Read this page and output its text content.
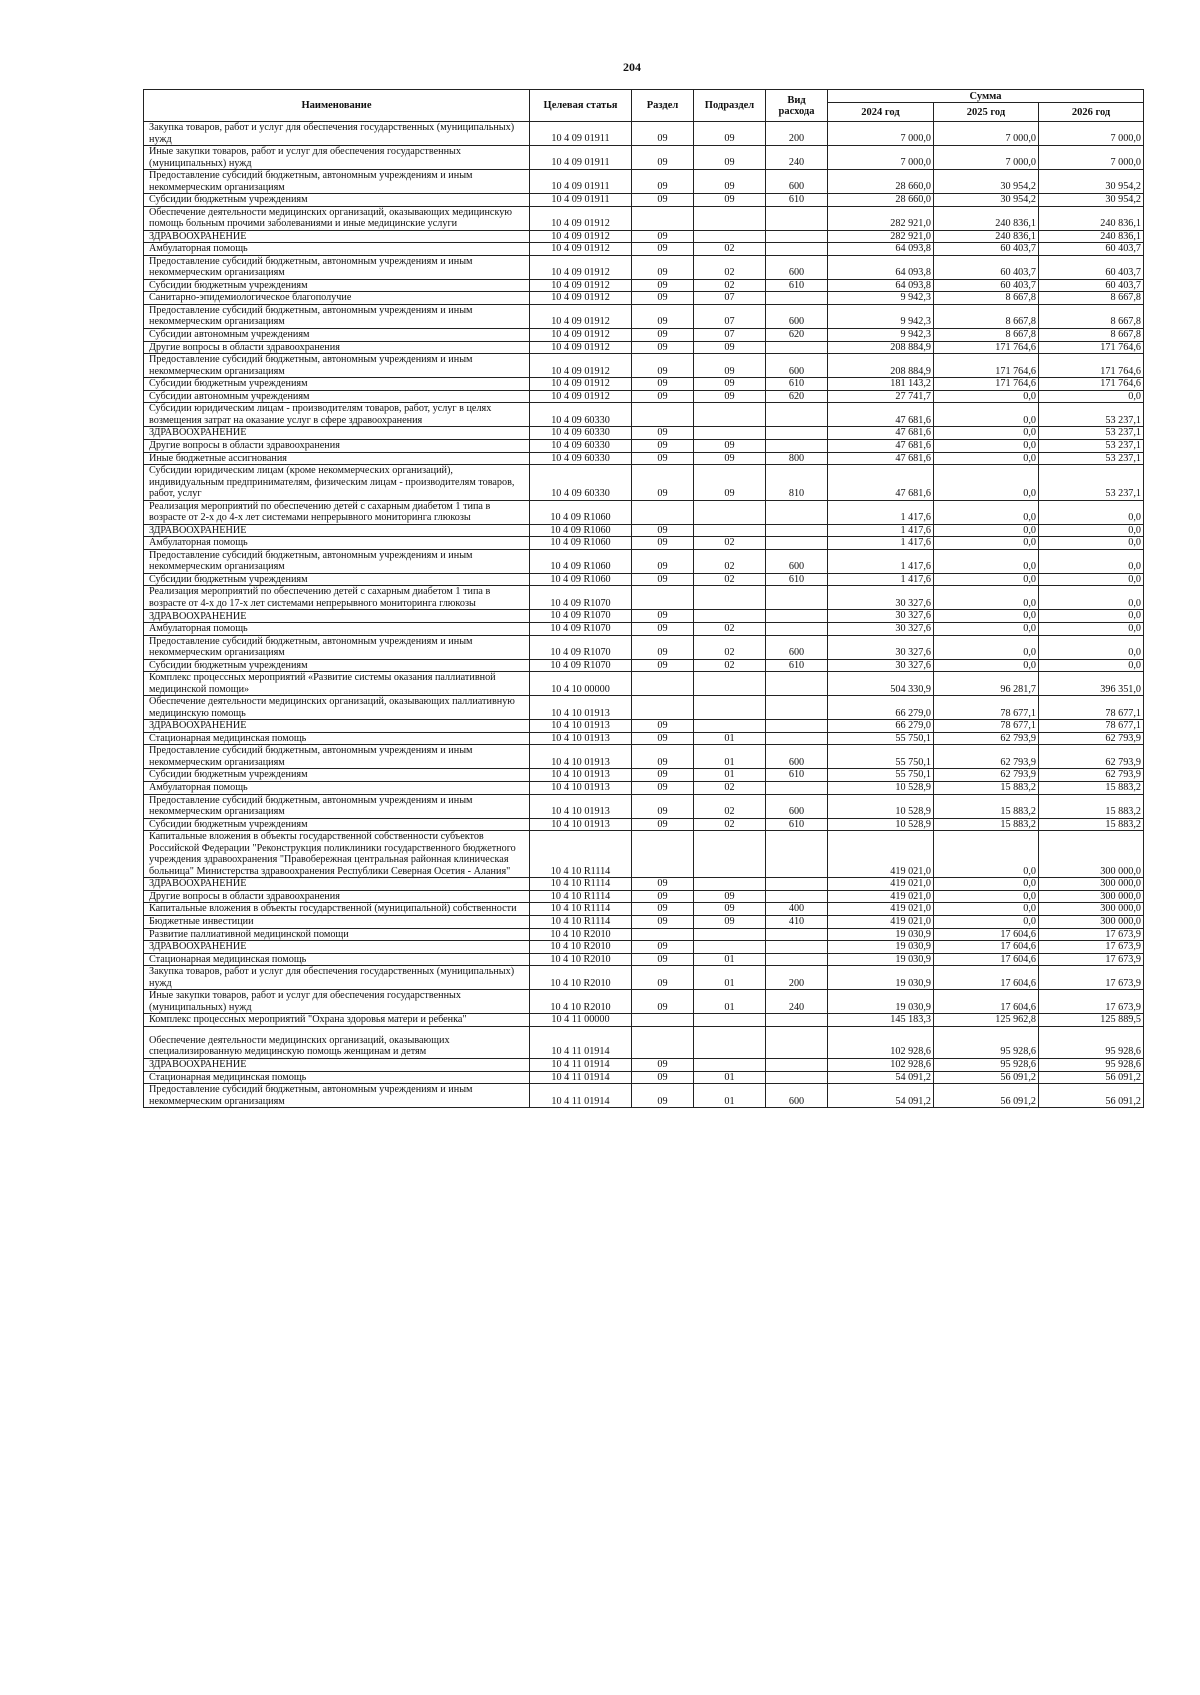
204
Наименование	Целевая статья	Раздел	Подраздел	Вид расхода	Сумма		
					2024 год	2025 год	2026 год
Закупка товаров, работ и услуг для обеспечения государственных (муниципальных) нужд	10 4 09 01911	09	09	200	7 000,0	7 000,0	7 000,0
Иные закупки товаров, работ и услуг для обеспечения государственных (муниципальных) нужд	10 4 09 01911	09	09	240	7 000,0	7 000,0	7 000,0
Предоставление субсидий бюджетным, автономным учреждениям и иным некоммерческим организациям	10 4 09 01911	09	09	600	28 660,0	30 954,2	30 954,2
Субсидии бюджетным учреждениям	10 4 09 01911	09	09	610	28 660,0	30 954,2	30 954,2
Обеспечение деятельности медицинских организаций, оказывающих медицинскую помощь больным прочими заболеваниями и иные медицинские услуги	10 4 09 01912				282 921,0	240 836,1	240 836,1
ЗДРАВООХРАНЕНИЕ	10 4 09 01912	09			282 921,0	240 836,1	240 836,1
Амбулаторная помощь	10 4 09 01912	09	02		64 093,8	60 403,7	60 403,7
Предоставление субсидий бюджетным, автономным учреждениям и иным некоммерческим организациям	10 4 09 01912	09	02	600	64 093,8	60 403,7	60 403,7
Субсидии бюджетным учреждениям	10 4 09 01912	09	02	610	64 093,8	60 403,7	60 403,7
Санитарно-эпидемиологическое благополучие	10 4 09 01912	09	07		9 942,3	8 667,8	8 667,8
Предоставление субсидий бюджетным, автономным учреждениям и иным некоммерческим организациям	10 4 09 01912	09	07	600	9 942,3	8 667,8	8 667,8
Субсидии автономным учреждениям	10 4 09 01912	09	07	620	9 942,3	8 667,8	8 667,8
Другие вопросы в области здравоохранения	10 4 09 01912	09	09		208 884,9	171 764,6	171 764,6
Предоставление субсидий бюджетным, автономным учреждениям и иным некоммерческим организациям	10 4 09 01912	09	09	600	208 884,9	171 764,6	171 764,6
Субсидии бюджетным учреждениям	10 4 09 01912	09	09	610	181 143,2	171 764,6	171 764,6
Субсидии автономным учреждениям	10 4 09 01912	09	09	620	27 741,7	0,0	0,0
Субсидии юридическим лицам - производителям товаров, работ, услуг в целях возмещения затрат на оказание услуг в сфере здравоохранения	10 4 09 60330				47 681,6	0,0	53 237,1
ЗДРАВООХРАНЕНИЕ	10 4 09 60330	09			47 681,6	0,0	53 237,1
Другие вопросы в области здравоохранения	10 4 09 60330	09	09		47 681,6	0,0	53 237,1
Иные бюджетные ассигнования	10 4 09 60330	09	09	800	47 681,6	0,0	53 237,1
Субсидии юридическим лицам (кроме некоммерческих организаций), индивидуальным предпринимателям, физическим лицам - производителям товаров, работ, услуг	10 4 09 60330	09	09	810	47 681,6	0,0	53 237,1
Реализация мероприятий по обеспечению детей с сахарным диабетом 1 типа в возрасте от 2-х до 4-х лет системами непрерывного мониторинга глюкозы	10 4 09 R1060				1 417,6	0,0	0,0
ЗДРАВООХРАНЕНИЕ	10 4 09 R1060	09			1 417,6	0,0	0,0
Амбулаторная помощь	10 4 09 R1060	09	02		1 417,6	0,0	0,0
Предоставление субсидий бюджетным, автономным учреждениям и иным некоммерческим организациям	10 4 09 R1060	09	02	600	1 417,6	0,0	0,0
Субсидии бюджетным учреждениям	10 4 09 R1060	09	02	610	1 417,6	0,0	0,0
Реализация мероприятий по обеспечению детей с сахарным диабетом 1 типа в возрасте от 4-х до 17-х лет системами непрерывного мониторинга глюкозы	10 4 09 R1070				30 327,6	0,0	0,0
ЗДРАВООХРАНЕНИЕ	10 4 09 R1070	09			30 327,6	0,0	0,0
Амбулаторная помощь	10 4 09 R1070	09	02		30 327,6	0,0	0,0
Предоставление субсидий бюджетным, автономным учреждениям и иным некоммерческим организациям	10 4 09 R1070	09	02	600	30 327,6	0,0	0,0
Субсидии бюджетным учреждениям	10 4 09 R1070	09	02	610	30 327,6	0,0	0,0
Комплекс процессных мероприятий «Развитие системы оказания паллиативной медицинской помощи»	10 4 10 00000				504 330,9	96 281,7	396 351,0
Обеспечение деятельности медицинских организаций, оказывающих паллиативную медицинскую помощь	10 4 10 01913				66 279,0	78 677,1	78 677,1
ЗДРАВООХРАНЕНИЕ	10 4 10 01913	09			66 279,0	78 677,1	78 677,1
Стационарная медицинская помощь	10 4 10 01913	09	01		55 750,1	62 793,9	62 793,9
Предоставление субсидий бюджетным, автономным учреждениям и иным некоммерческим организациям	10 4 10 01913	09	01	600	55 750,1	62 793,9	62 793,9
Субсидии бюджетным учреждениям	10 4 10 01913	09	01	610	55 750,1	62 793,9	62 793,9
Амбулаторная помощь	10 4 10 01913	09	02		10 528,9	15 883,2	15 883,2
Предоставление субсидий бюджетным, автономным учреждениям и иным некоммерческим организациям	10 4 10 01913	09	02	600	10 528,9	15 883,2	15 883,2
Субсидии бюджетным учреждениям	10 4 10 01913	09	02	610	10 528,9	15 883,2	15 883,2
Капитальные вложения в объекты государственной собственности субъектов Российской Федерации "Реконструкция поликлиники государственного бюджетного учреждения здравоохранения "Правобережная центральная районная клиническая больница" Министерства здравоохранения Республики Северная Осетия - Алания"	10 4 10 R1114				419 021,0	0,0	300 000,0
ЗДРАВООХРАНЕНИЕ	10 4 10 R1114	09			419 021,0	0,0	300 000,0
Другие вопросы в области здравоохранения	10 4 10 R1114	09	09		419 021,0	0,0	300 000,0
Капитальные вложения в объекты государственной (муниципальной) собственности	10 4 10 R1114	09	09	400	419 021,0	0,0	300 000,0
Бюджетные инвестиции	10 4 10 R1114	09	09	410	419 021,0	0,0	300 000,0
Развитие паллиативной медицинской помощи	10 4 10 R2010				19 030,9	17 604,6	17 673,9
ЗДРАВООХРАНЕНИЕ	10 4 10 R2010	09			19 030,9	17 604,6	17 673,9
Стационарная медицинская помощь	10 4 10 R2010	09	01		19 030,9	17 604,6	17 673,9
Закупка товаров, работ и услуг для обеспечения государственных (муниципальных) нужд	10 4 10 R2010	09	01	200	19 030,9	17 604,6	17 673,9
Иные закупки товаров, работ и услуг для обеспечения государственных (муниципальных) нужд	10 4 10 R2010	09	01	240	19 030,9	17 604,6	17 673,9
Комплекс процессных мероприятий "Охрана здоровья матери и ребенка"	10 4 11 00000				145 183,3	125 962,8	125 889,5
Обеспечение деятельности медицинских организаций, оказывающих специализированную медицинскую помощь женщинам и детям	10 4 11 01914				102 928,6	95 928,6	95 928,6
ЗДРАВООХРАНЕНИЕ	10 4 11 01914	09			102 928,6	95 928,6	95 928,6
Стационарная медицинская помощь	10 4 11 01914	09	01		54 091,2	56 091,2	56 091,2
Предоставление субсидий бюджетным, автономным учреждениям и иным некоммерческим организациям	10 4 11 01914	09	01	600	54 091,2	56 091,2	56 091,2
